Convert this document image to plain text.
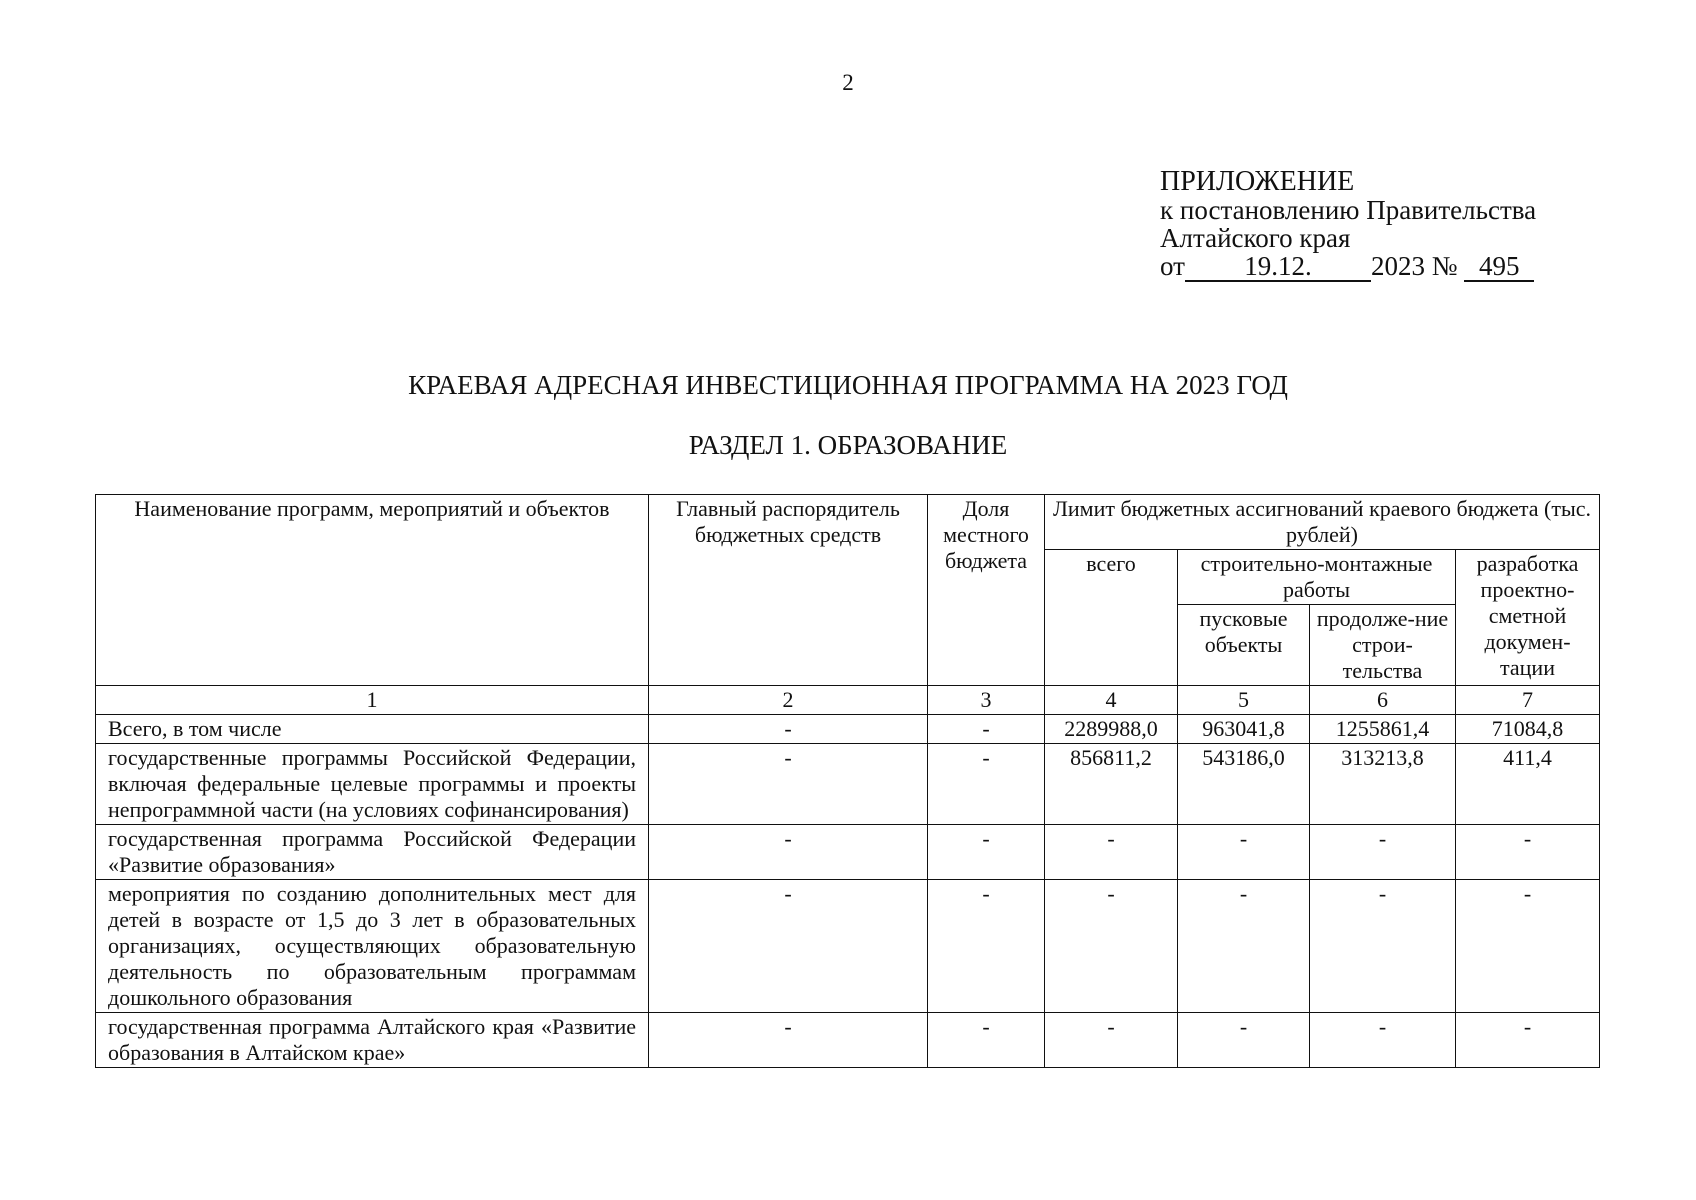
2
ПРИЛОЖЕНИЕ
к постановлению Правительства
Алтайского края
от 19.12. 2023 № 495
КРАЕВАЯ АДРЕСНАЯ ИНВЕСТИЦИОННАЯ ПРОГРАММА НА 2023 ГОД
РАЗДЕЛ 1. ОБРАЗОВАНИЕ
Наименование программ, мероприятий и объектов	Главный распорядитель бюджетных средств	Доля местного бюджета	Лимит бюджетных ассигнований краевого бюджета (тыс. рублей)			
			всего	строительно-монтажные работы		разработка проектно-сметной докумен-тации
				пусковые объекты	продолже-ние строи-тельства	
1	2	3	4	5	6	7
Всего, в том числе	-	-	2289988,0	963041,8	1255861,4	71084,8
государственные программы Российской Федерации, включая федеральные целевые программы и проекты непрограммной части (на условиях софинансирования)	-	-	856811,2	543186,0	313213,8	411,4
государственная программа Российской Федерации «Развитие образования»	-	-	-	-	-	-
мероприятия по созданию дополнительных мест для детей в возрасте от 1,5 до 3 лет в образовательных организациях, осуществляющих образовательную деятельность по образовательным программам дошкольного образования	-	-	-	-	-	-
государственная программа Алтайского края «Развитие образования в Алтайском крае»	-	-	-	-	-	-
